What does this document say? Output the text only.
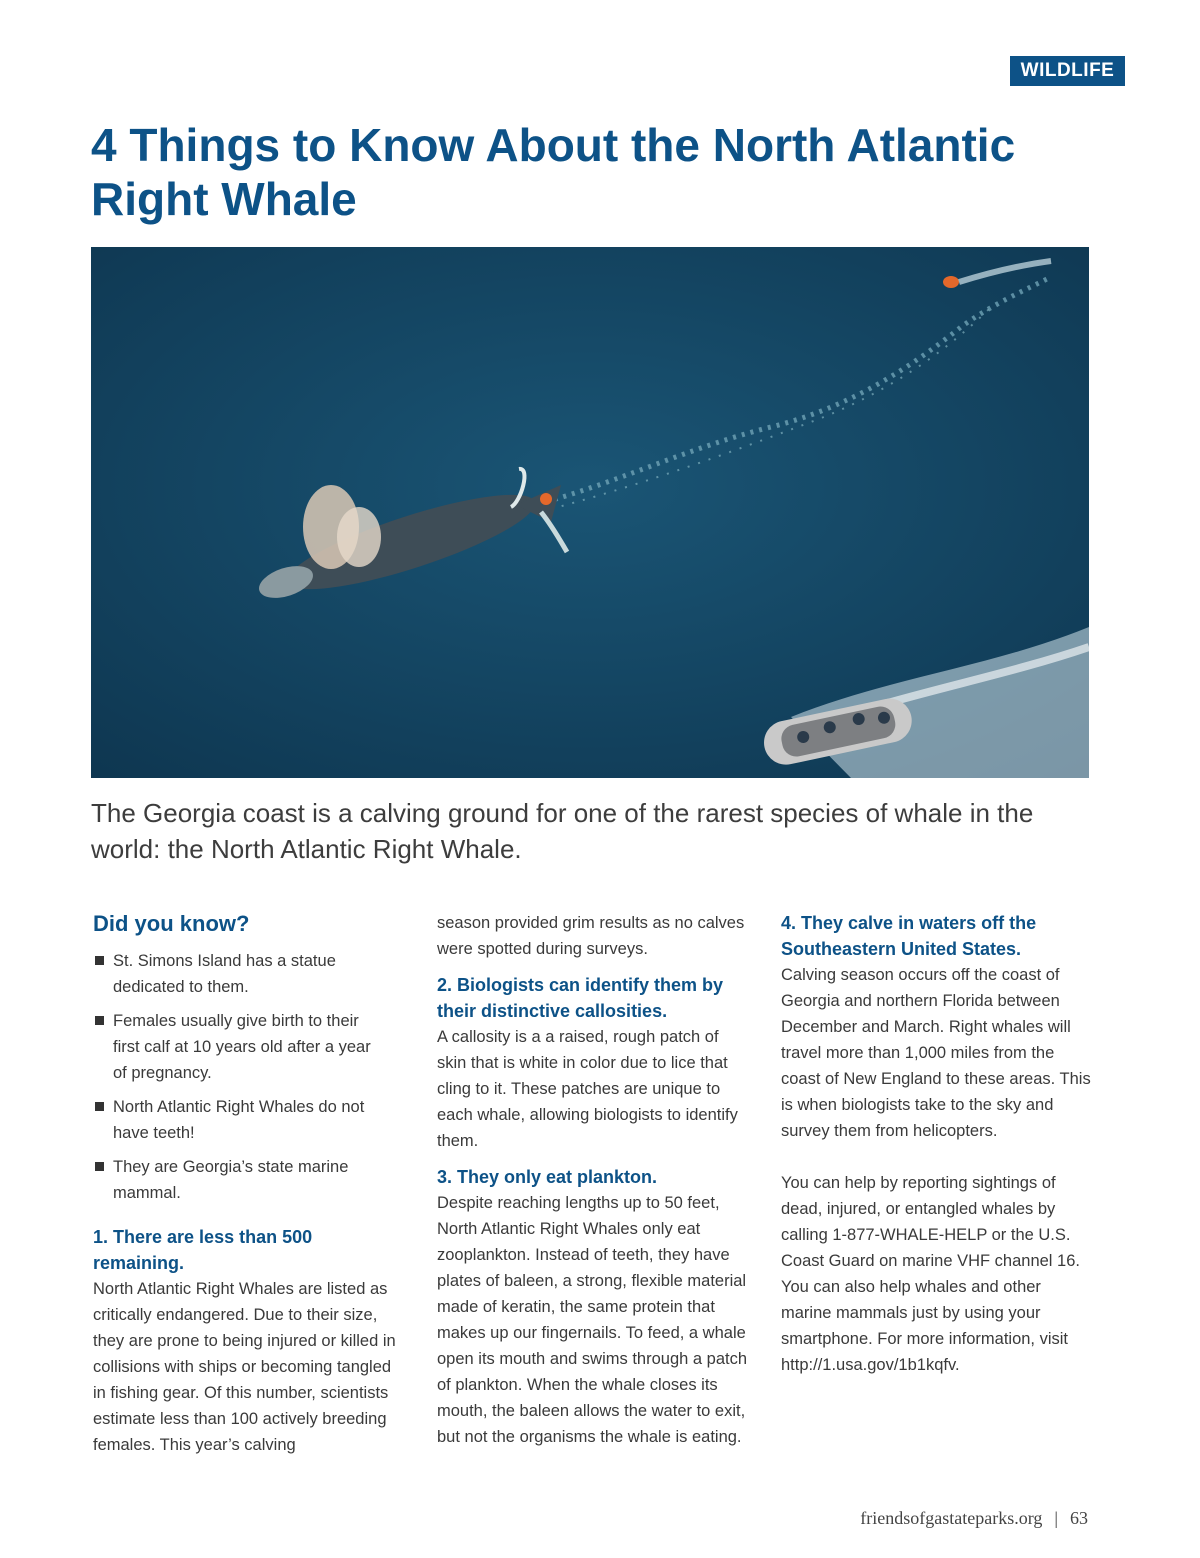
WILDLIFE
4 Things to Know About the North Atlantic Right Whale

The Georgia coast is a calving ground for one of the rarest species of whale in the world: the North Atlantic Right Whale.

Did you know?
St. Simons Island has a statue dedicated to them.
Females usually give birth to their first calf at 10 years old after a year of pregnancy.
North Atlantic Right Whales do not have teeth!
They are Georgia’s state marine mammal.
1. There are less than 500 remaining.

North Atlantic Right Whales are listed as critically endangered. Due to their size, they are prone to being injured or killed in collisions with ships or becoming tangled in fishing gear. Of this number, scientists estimate less than 100 actively breeding females. This year’s calving

season provided grim results as no calves were spotted during surveys.

2. Biologists can identify them by their distinctive callosities.

A callosity is a a raised, rough patch of skin that is white in color due to lice that cling to it. These patches are unique to each whale, allowing biologists to identify them.

3. They only eat plankton.

Despite reaching lengths up to 50 feet, North Atlantic Right Whales only eat zooplankton. Instead of teeth, they have plates of baleen, a strong, flexible material made of keratin, the same protein that makes up our fingernails. To feed, a whale open its mouth and swims through a patch of plankton. When the whale closes its mouth, the baleen allows the water to exit, but not the organisms the whale is eating.

4. They calve in waters off the Southeastern United States.

Calving season occurs off the coast of Georgia and northern Florida between December and March. Right whales will travel more than 1,000 miles from the coast of New England to these areas. This is when biologists take to the sky and survey them from helicopters.

You can help by reporting sightings of dead, injured, or entangled whales by calling 1-877-WHALE-HELP or the U.S. Coast Guard on marine VHF channel 16. You can also help whales and other marine mammals just by using your smartphone. For more information, visit http://1.usa.gov/1b1kqfv.

friendsofgastateparks.org | 63
